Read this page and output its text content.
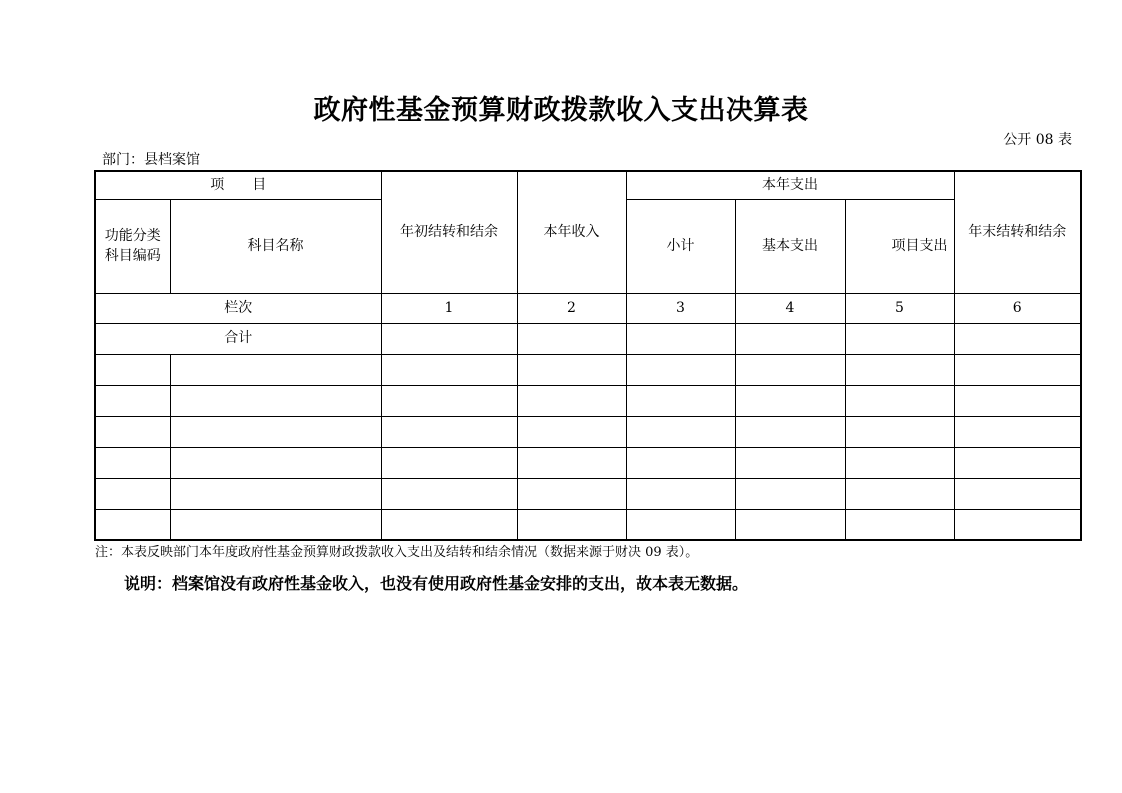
政府性基金预算财政拨款收入支出决算表
公开 08 表
部门：县档案馆
项　　目		年初结转和结余	本年收入	本年支出			年末结转和结余
功能分类科目编码	科目名称			小计	基本支出	项目支出	
栏次		1	2	3	4	5	6
合计							

注：本表反映部门本年度政府性基金预算财政拨款收入支出及结转和结余情况（数据来源于财决 09 表）。
说明：档案馆没有政府性基金收入，也没有使用政府性基金安排的支出，故本表无数据。
